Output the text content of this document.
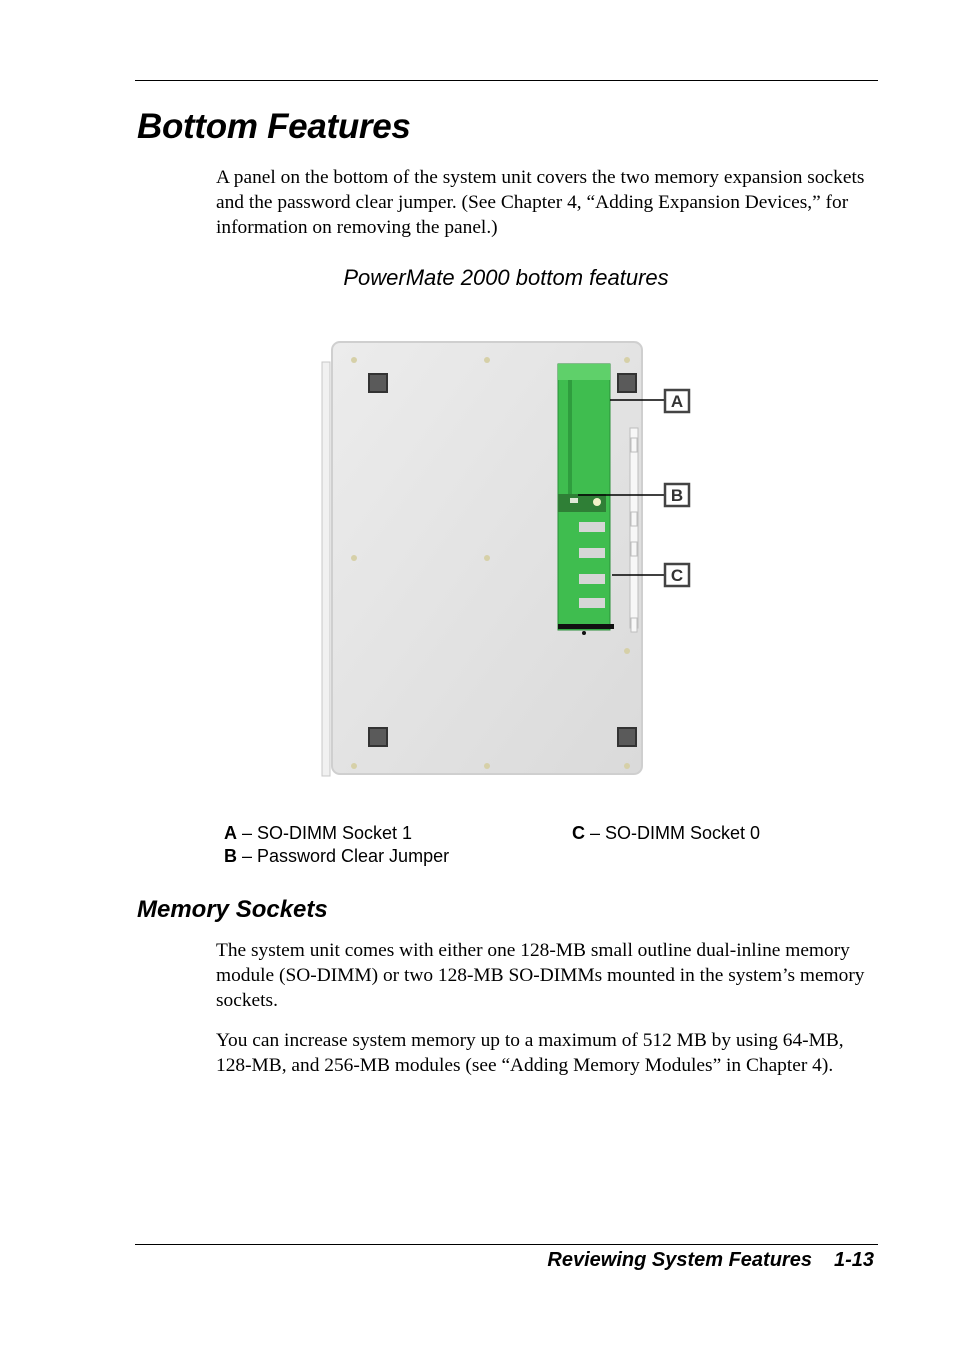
Bottom Features

A panel on the bottom of the system unit covers the two memory expansion sockets and the password clear jumper. (See Chapter 4, “Adding Expansion Devices,” for information on removing the panel.)

PowerMate 2000 bottom features
A
B
C
A – SO-DIMM Socket 1
B – Password Clear Jumper
C – SO-DIMM Socket 0
Memory Sockets

The system unit comes with either one 128-MB small outline dual-inline memory module (SO-DIMM) or two 128-MB SO-DIMMs mounted in the system’s memory sockets.

You can increase system memory up to a maximum of 512 MB by using 64-MB, 128-MB, and 256-MB modules (see “Adding Memory Modules” in Chapter 4).

Reviewing System Features 1-13
